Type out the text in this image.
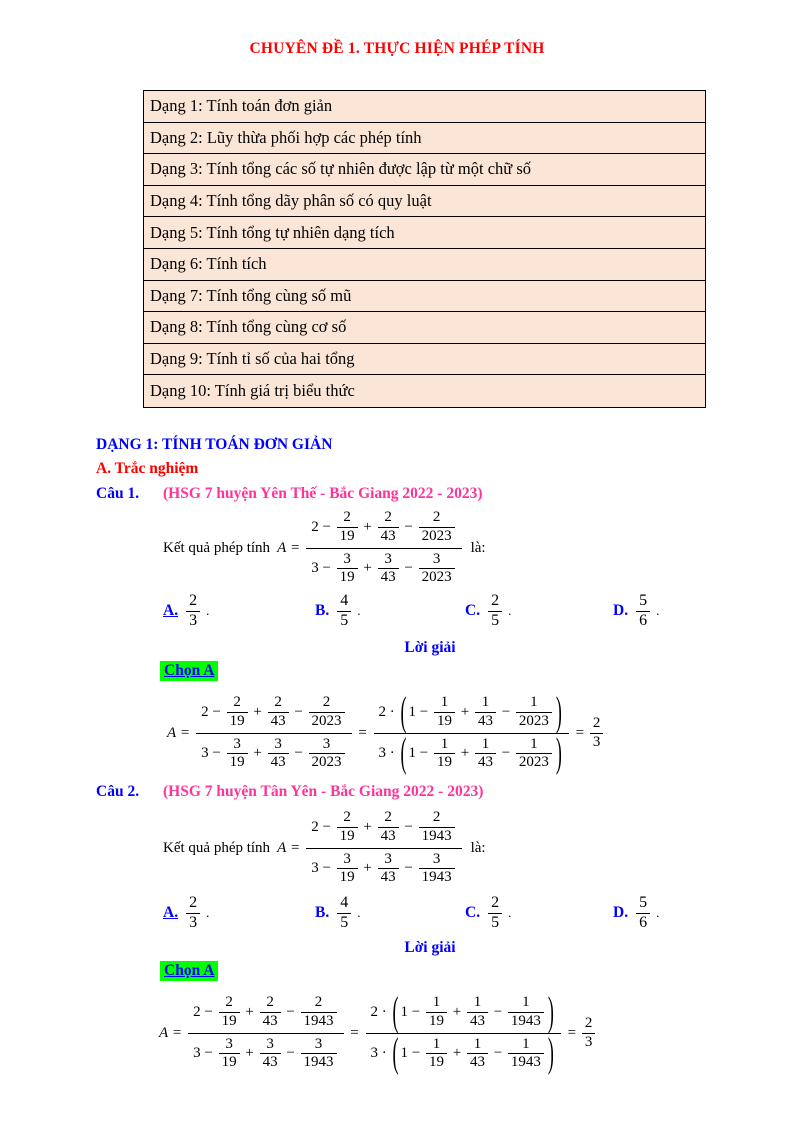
CHUYÊN ĐỀ 1. THỰC HIỆN PHÉP TÍNH
Dạng 1: Tính toán đơn giản
Dạng 2: Lũy thừa phối hợp các phép tính
Dạng 3: Tính tổng các số tự nhiên được lập từ một chữ số
Dạng 4: Tính tổng dãy phân số có quy luật
Dạng 5: Tính tổng tự nhiên dạng tích
Dạng 6: Tính tích
Dạng 7: Tính tổng cùng số mũ
Dạng 8: Tính tổng cùng cơ số
Dạng 9: Tính tỉ số của hai tổng
Dạng 10: Tính giá trị biểu thức
DẠNG 1: TÍNH TOÁN ĐƠN GIẢN
A. Trắc nghiệm
Câu 1. (HSG 7 huyện Yên Thế - Bắc Giang 2022 - 2023)
Kết quả phép tính $A = \frac{2 - \frac{2}{19} + \frac{2}{43} - \frac{2}{2023}}{3 - \frac{3}{19} + \frac{3}{43} - \frac{3}{2023}}$ là:
A. $\frac{2}{3}$ .	B. $\frac{4}{5}$ .	C. $\frac{2}{5}$ .	D. $\frac{5}{6}$ .
Lời giải
Chọn A
$A = \frac{2 - \frac{2}{19} + \frac{2}{43} - \frac{2}{2023}}{3 - \frac{3}{19} + \frac{3}{43} - \frac{3}{2023}} = \frac{2 \cdot ( 1 - \frac{1}{19} + \frac{1}{43} - \frac{1}{2023} )}{3 \cdot ( 1 - \frac{1}{19} + \frac{1}{43} - \frac{1}{2023} )} = \frac{2}{3}$
Câu 2. (HSG 7 huyện Tân Yên - Bắc Giang 2022 - 2023)
Kết quả phép tính $A = \frac{2 - \frac{2}{19} + \frac{2}{43} - \frac{2}{1943}}{3 - \frac{3}{19} + \frac{3}{43} - \frac{3}{1943}}$ là:
A. $\frac{2}{3}$ .	B. $\frac{4}{5}$ .	C. $\frac{2}{5}$ .	D. $\frac{5}{6}$ .
Lời giải
Chọn A
$A = \frac{2 - \frac{2}{19} + \frac{2}{43} - \frac{2}{1943}}{3 - \frac{3}{19} + \frac{3}{43} - \frac{3}{1943}} = \frac{2 \cdot ( 1 - \frac{1}{19} + \frac{1}{43} - \frac{1}{1943} )}{3 \cdot ( 1 - \frac{1}{19} + \frac{1}{43} - \frac{1}{1943} )} = \frac{2}{3}$
